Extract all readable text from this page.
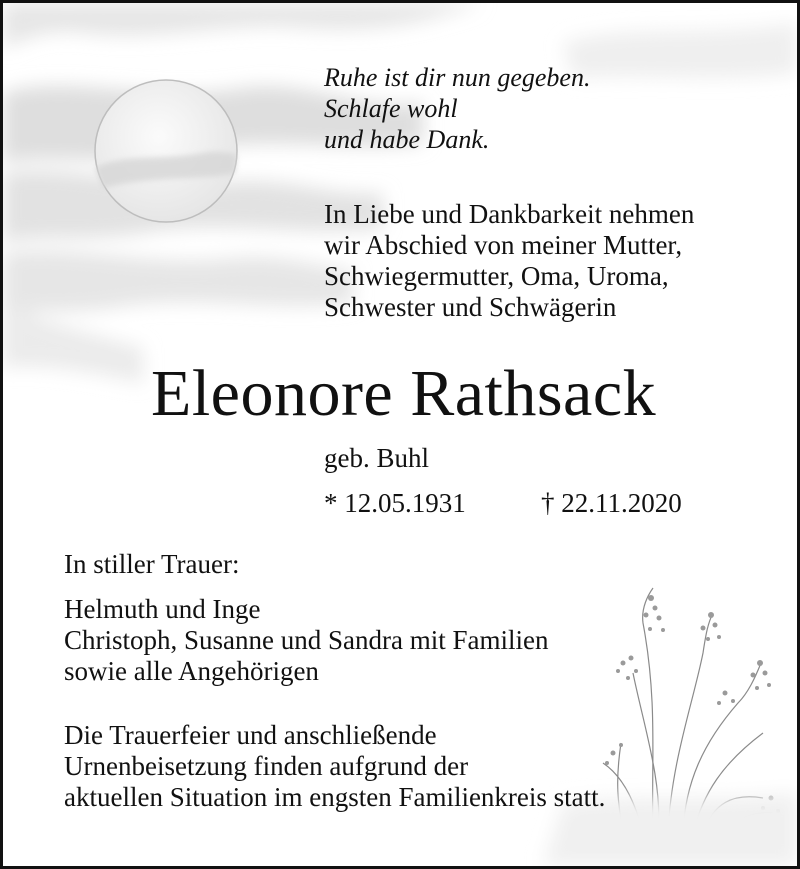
Ruhe ist dir nun gegeben.
Schlafe wohl
und habe Dank.
In Liebe und Dankbarkeit nehmen
wir Abschied von meiner Mutter,
Schwiegermutter, Oma, Uroma,
Schwester und Schwägerin
Eleonore Rathsack
geb. Buhl
* 12.05.1931	† 22.11.2020
In stiller Trauer:
Helmuth und Inge
Christoph, Susanne und Sandra mit Familien
sowie alle Angehörigen
Die Trauerfeier und anschließende
Urnenbeisetzung finden aufgrund der
aktuellen Situation im engsten Familienkreis statt.
